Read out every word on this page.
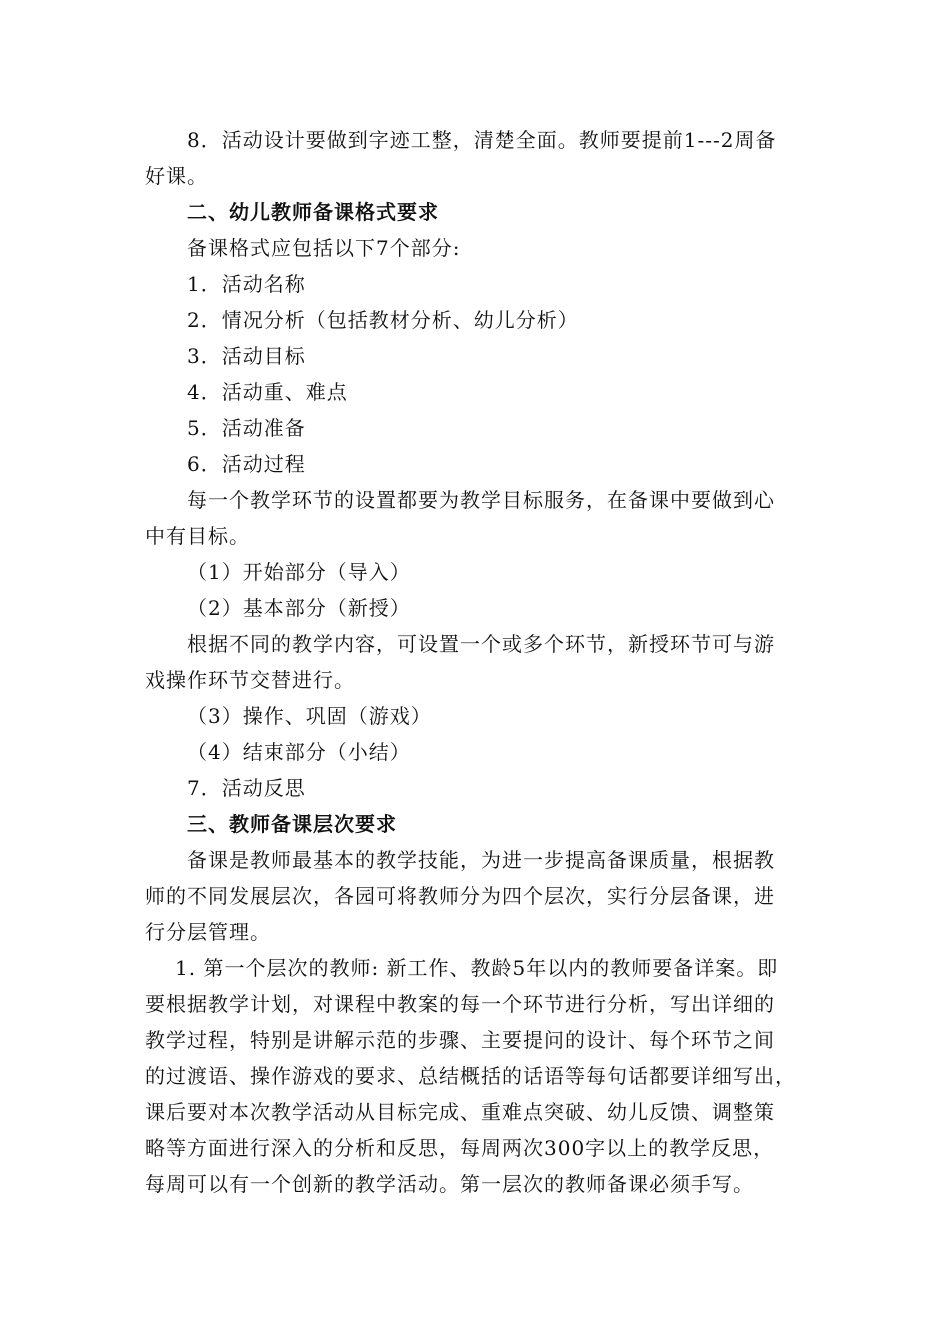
8．活动设计要做到字迹工整，清楚全面。教师要提前1---2周备
好课。
二、幼儿教师备课格式要求
备课格式应包括以下7个部分:
1．活动名称
2．情况分析（包括教材分析、幼儿分析）
3．活动目标
4．活动重、难点
5．活动准备
6．活动过程
每一个教学环节的设置都要为教学目标服务，在备课中要做到心
中有目标。
（1）开始部分（导入）
（2）基本部分（新授）
根据不同的教学内容，可设置一个或多个环节，新授环节可与游
戏操作环节交替进行。
（3）操作、巩固（游戏）
（4）结束部分（小结）
7．活动反思
三、教师备课层次要求
备课是教师最基本的教学技能，为进一步提高备课质量，根据教
师的不同发展层次，各园可将教师分为四个层次，实行分层备课，进
行分层管理。
1. 第一个层次的教师: 新工作、教龄5年以内的教师要备详案。即
要根据教学计划，对课程中教案的每一个环节进行分析，写出详细的
教学过程，特别是讲解示范的步骤、主要提问的设计、每个环节之间
的过渡语、操作游戏的要求、总结概括的话语等每句话都要详细写出，
课后要对本次教学活动从目标完成、重难点突破、幼儿反馈、调整策
略等方面进行深入的分析和反思，每周两次300字以上的教学反思，
每周可以有一个创新的教学活动。第一层次的教师备课必须手写。
